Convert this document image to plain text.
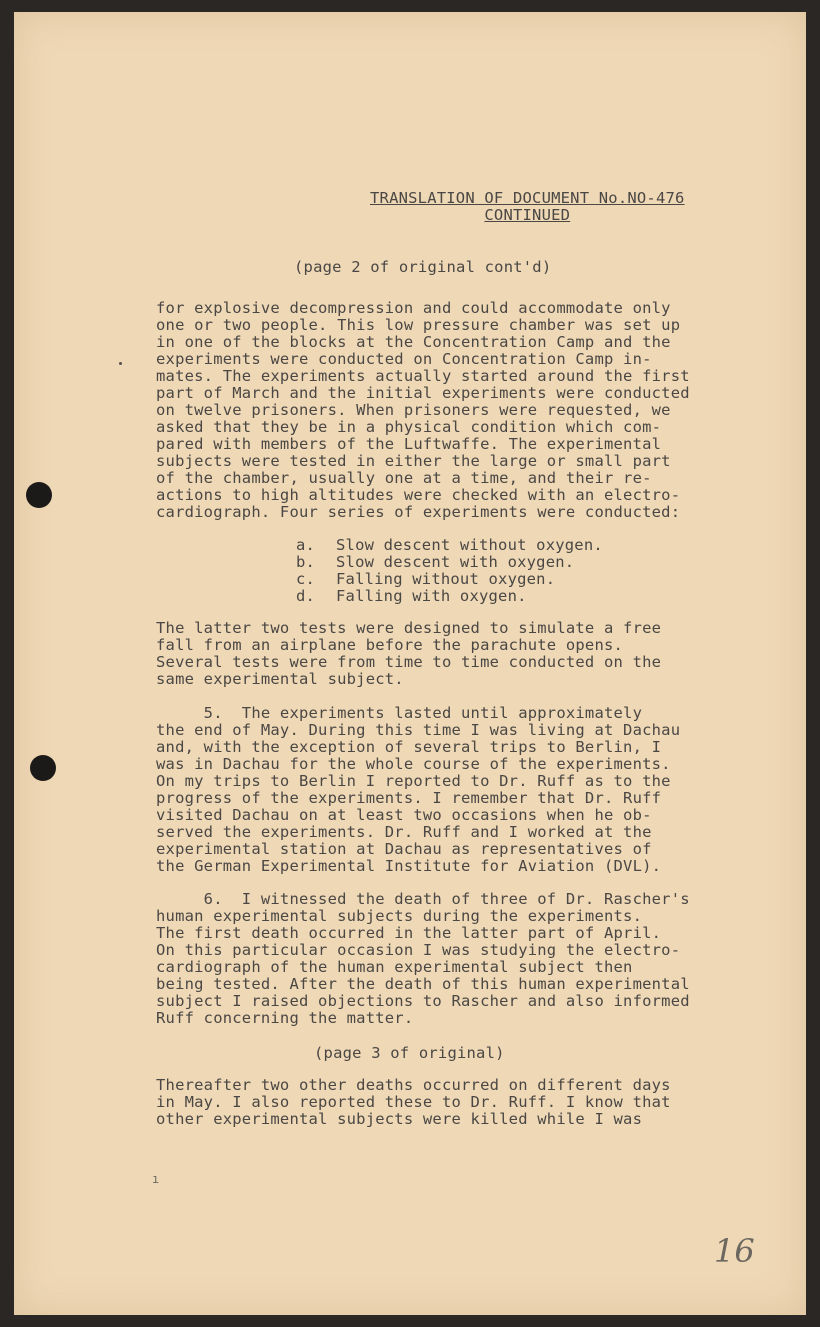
TRANSLATION OF DOCUMENT No.NO-476
CONTINUED
(page 2 of original cont'd)
for explosive decompression and could accommodate only
one or two people. This low pressure chamber was set up
in one of the blocks at the Concentration Camp and the
experiments were conducted on Concentration Camp in-
mates. The experiments actually started around the first
part of March and the initial experiments were conducted
on twelve prisoners. When prisoners were requested, we
asked that they be in a physical condition which com-
pared with members of the Luftwaffe. The experimental
subjects were tested in either the large or small part
of the chamber, usually one at a time, and their re-
actions to high altitudes were checked with an electro-
cardiograph. Four series of experiments were conducted:
a.	Slow descent without oxygen.
b.	Slow descent with oxygen.
c.	Falling without oxygen.
d.	Falling with oxygen.
The latter two tests were designed to simulate a free
fall from an airplane before the parachute opens.
Several tests were from time to time conducted on the
same experimental subject.
5.  The experiments lasted until approximately
the end of May. During this time I was living at Dachau
and, with the exception of several trips to Berlin, I
was in Dachau for the whole course of the experiments.
On my trips to Berlin I reported to Dr. Ruff as to the
progress of the experiments. I remember that Dr. Ruff
visited Dachau on at least two occasions when he ob-
served the experiments. Dr. Ruff and I worked at the
experimental station at Dachau as representatives of
the German Experimental Institute for Aviation (DVL).
6.  I witnessed the death of three of Dr. Rascher's
human experimental subjects during the experiments.
The first death occurred in the latter part of April.
On this particular occasion I was studying the electro-
cardiograph of the human experimental subject then
being tested. After the death of this human experimental
subject I raised objections to Rascher and also informed
Ruff concerning the matter.
(page 3 of original)
Thereafter two other deaths occurred on different days
in May. I also reported these to Dr. Ruff. I know that
other experimental subjects were killed while I was
ı
16
